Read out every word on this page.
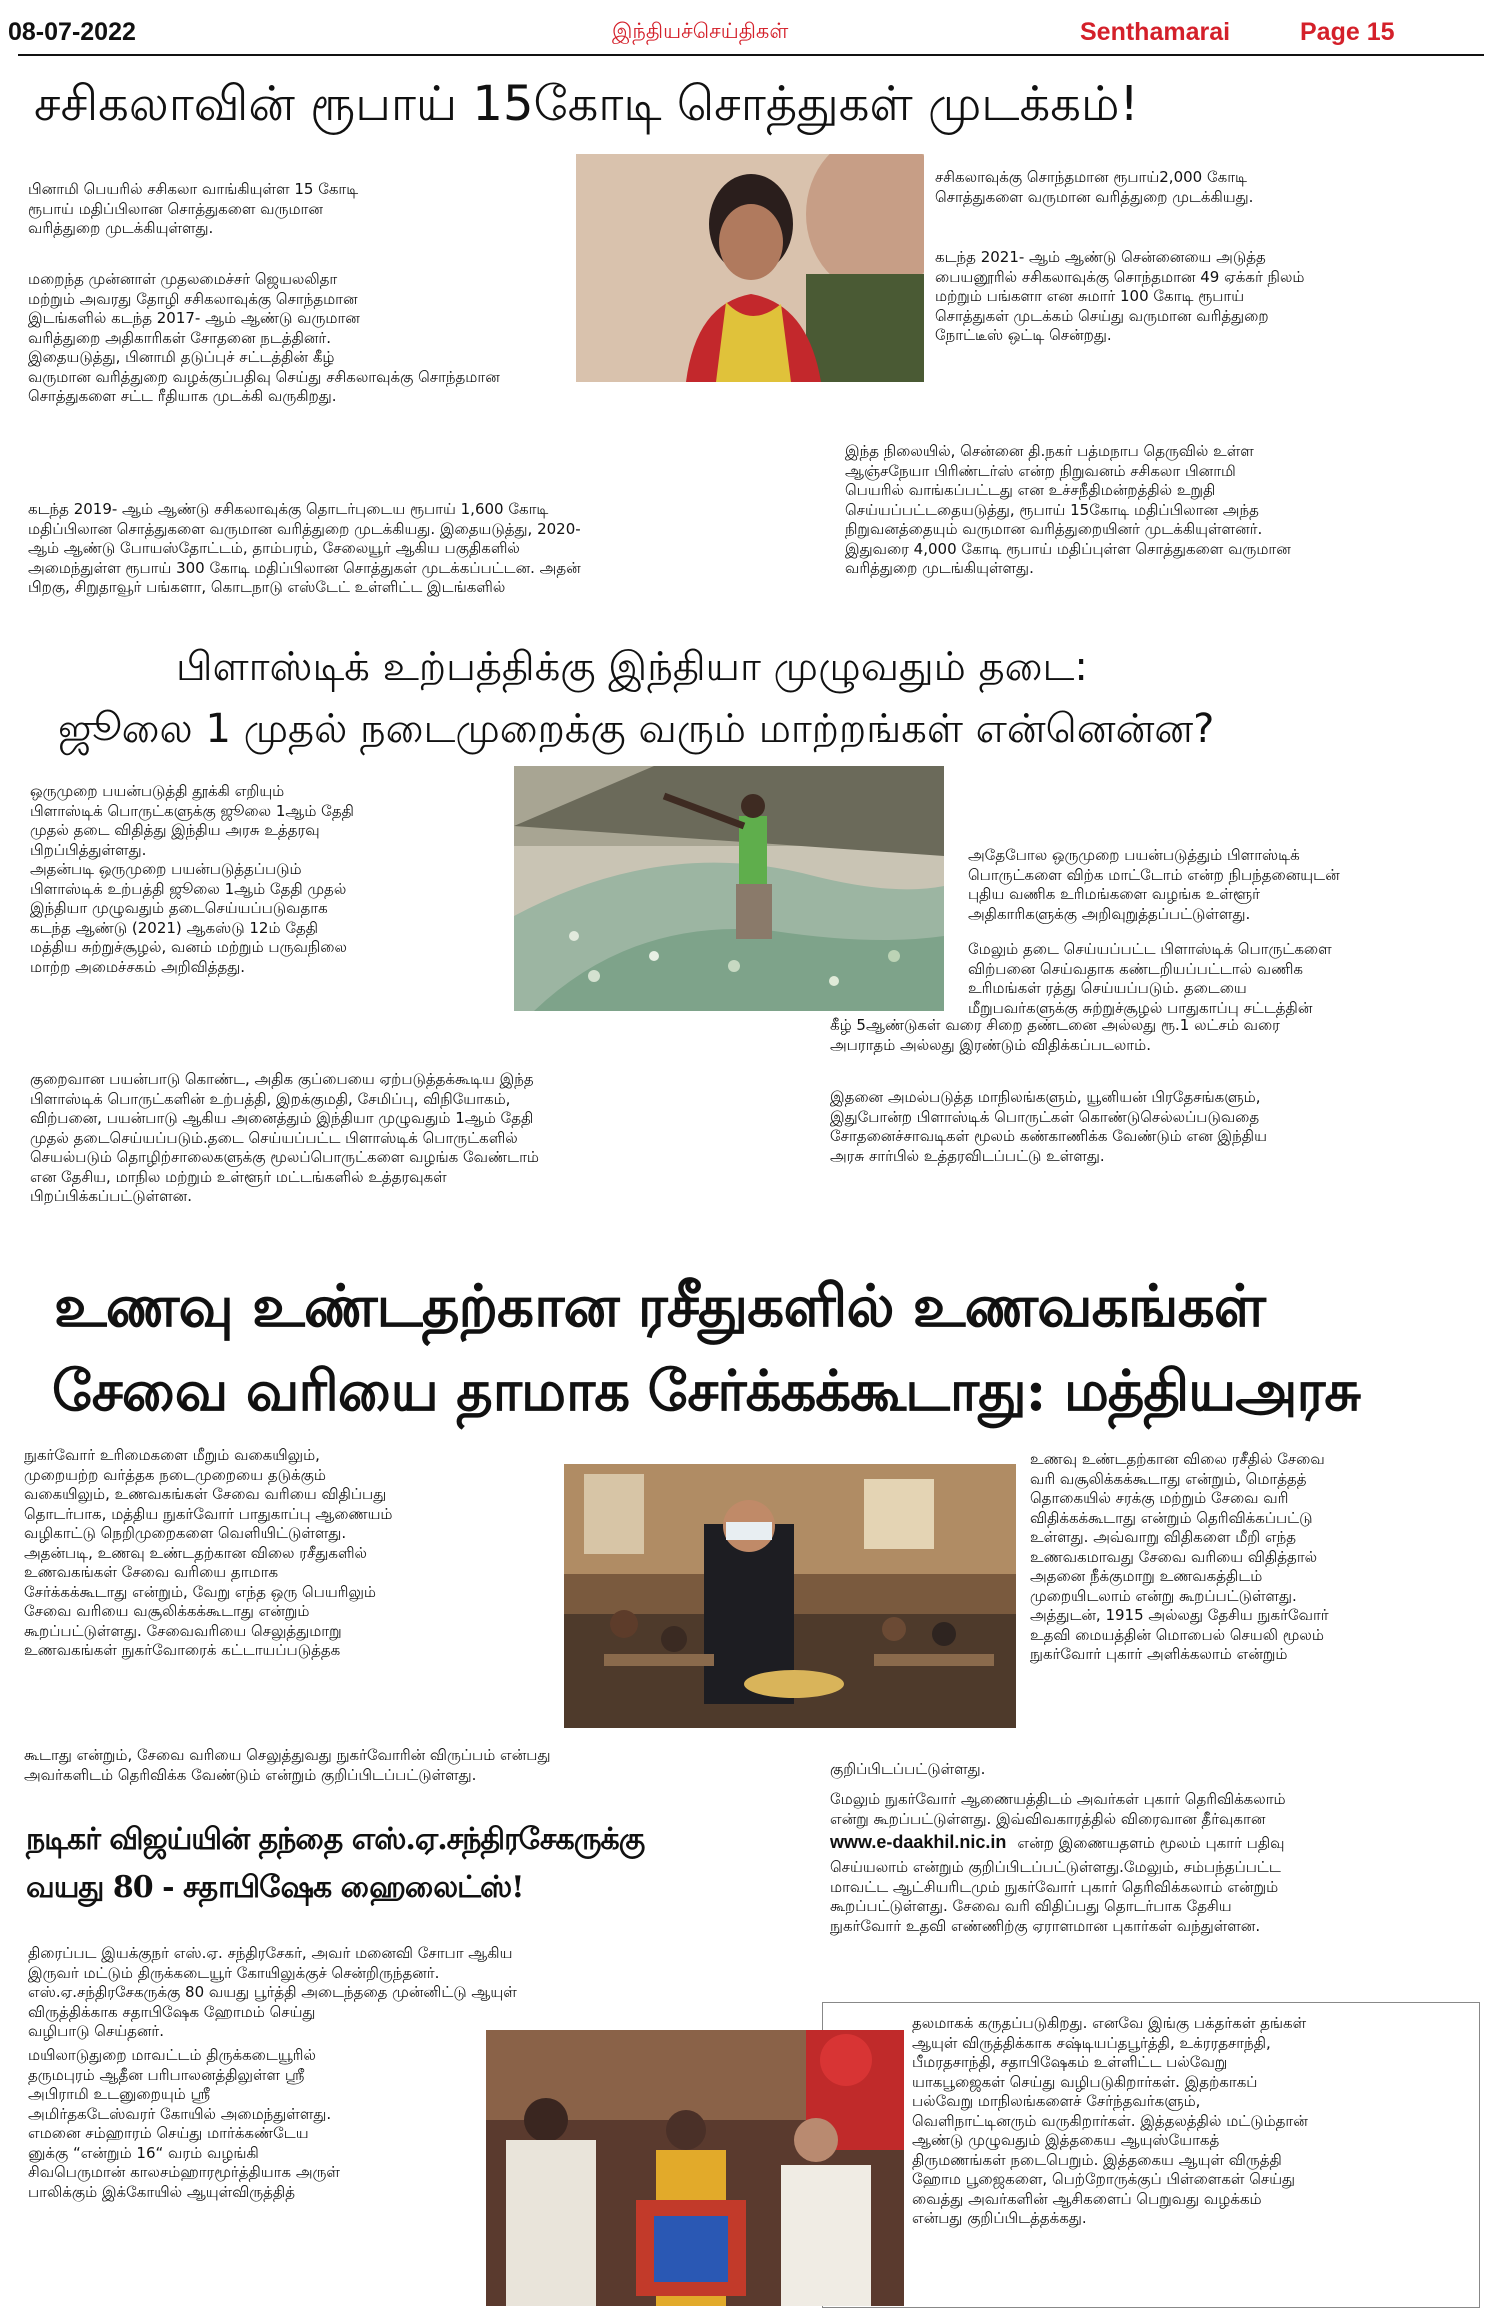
08-07-2022	இந்தியச்செய்திகள்	Senthamarai	Page 15
சசிகலாவின் ரூபாய் 15கோடி சொத்துகள் முடக்கம்!
பினாமி பெயரில் சசிகலா வாங்கியுள்ள 15 கோடி
ரூபாய் மதிப்பிலான சொத்துகளை வருமான
வரித்துறை முடக்கியுள்ளது.
மறைந்த முன்னாள் முதலமைச்சர் ஜெயலலிதா
மற்றும் அவரது தோழி சசிகலாவுக்கு சொந்தமான
இடங்களில் கடந்த 2017- ஆம் ஆண்டு வருமான
வரித்துறை அதிகாரிகள் சோதனை நடத்தினர்.
இதையடுத்து, பினாமி தடுப்புச் சட்டத்தின் கீழ்
வருமான வரித்துறை வழக்குப்பதிவு செய்து சசிகலாவுக்கு சொந்தமான
சொத்துகளை சட்ட ரீதியாக முடக்கி வருகிறது.
கடந்த 2019- ஆம் ஆண்டு சசிகலாவுக்கு தொடர்புடைய ரூபாய் 1,600 கோடி
மதிப்பிலான சொத்துகளை வருமான வரித்துறை முடக்கியது. இதையடுத்து, 2020-
ஆம் ஆண்டு போயஸ்தோட்டம், தாம்பரம், சேலையூர் ஆகிய பகுதிகளில்
அமைந்துள்ள ரூபாய் 300 கோடி மதிப்பிலான சொத்துகள் முடக்கப்பட்டன. அதன்
பிறகு, சிறுதாவூர் பங்களா, கொடநாடு எஸ்டேட் உள்ளிட்ட இடங்களில்
சசிகலாவுக்கு சொந்தமான ரூபாய்2,000 கோடி
சொத்துகளை வருமான வரித்துறை முடக்கியது.
கடந்த 2021- ஆம் ஆண்டு சென்னையை அடுத்த
பையனூரில் சசிகலாவுக்கு சொந்தமான 49 ஏக்கர் நிலம்
மற்றும் பங்களா என சுமார் 100 கோடி ரூபாய்
சொத்துகள் முடக்கம் செய்து வருமான வரித்துறை
நோட்டீஸ் ஒட்டி சென்றது.
இந்த நிலையில், சென்னை தி.நகர் பத்மநாப தெருவில் உள்ள
ஆஞ்சநேயா பிரிண்டர்ஸ் என்ற நிறுவனம் சசிகலா பினாமி
பெயரில் வாங்கப்பட்டது என உச்சநீதிமன்றத்தில் உறுதி
செய்யப்பட்டதையடுத்து, ரூபாய் 15கோடி மதிப்பிலான அந்த
நிறுவனத்தையும் வருமான வரித்துறையினர் முடக்கியுள்ளனர்.
இதுவரை 4,000 கோடி ரூபாய் மதிப்புள்ள சொத்துகளை வருமான
வரித்துறை முடங்கியுள்ளது.
பிளாஸ்டிக் உற்பத்திக்கு இந்தியா முழுவதும் தடை:
ஜூலை 1 முதல் நடைமுறைக்கு வரும் மாற்றங்கள் என்னென்ன?
ஒருமுறை பயன்படுத்தி தூக்கி எறியும்
பிளாஸ்டிக் பொருட்களுக்கு ஜூலை 1ஆம் தேதி
முதல் தடை விதித்து இந்திய அரசு உத்தரவு
பிறப்பித்துள்ளது.
அதன்படி ஒருமுறை பயன்படுத்தப்படும்
பிளாஸ்டிக் உற்பத்தி ஜூலை 1ஆம் தேதி முதல்
இந்தியா முழுவதும் தடைசெய்யப்படுவதாக
கடந்த ஆண்டு (2021) ஆகஸ்டு 12ம் தேதி
மத்திய சுற்றுச்சூழல், வனம் மற்றும் பருவநிலை
மாற்ற அமைச்சகம் அறிவித்தது.
அதேபோல ஒருமுறை பயன்படுத்தும் பிளாஸ்டிக்
பொருட்களை விற்க மாட்டோம் என்ற நிபந்தனையுடன்
புதிய வணிக உரிமங்களை வழங்க உள்ளூர்
அதிகாரிகளுக்கு அறிவுறுத்தப்பட்டுள்ளது.
மேலும் தடை செய்யப்பட்ட பிளாஸ்டிக் பொருட்களை
விற்பனை செய்வதாக கண்டறியப்பட்டால் வணிக
உரிமங்கள் ரத்து செய்யப்படும். தடையை
மீறுபவர்களுக்கு சுற்றுச்சூழல் பாதுகாப்பு சட்டத்தின்
கீழ் 5ஆண்டுகள் வரை சிறை தண்டனை அல்லது ரூ.1 லட்சம் வரை
அபராதம் அல்லது இரண்டும் விதிக்கப்படலாம்.
இதனை அமல்படுத்த மாநிலங்களும், யூனியன் பிரதேசங்களும்,
இதுபோன்ற பிளாஸ்டிக் பொருட்கள் கொண்டுசெல்லப்படுவதை
சோதனைச்சாவடிகள் மூலம் கண்காணிக்க வேண்டும் என இந்திய
அரசு சார்பில் உத்தரவிடப்பட்டு உள்ளது.
குறைவான பயன்பாடு கொண்ட, அதிக குப்பையை ஏற்படுத்தக்கூடிய இந்த
பிளாஸ்டிக் பொருட்களின் உற்பத்தி, இறக்குமதி, சேமிப்பு, விநியோகம்,
விற்பனை, பயன்பாடு ஆகிய அனைத்தும் இந்தியா முழுவதும் 1ஆம் தேதி
முதல் தடைசெய்யப்படும்.தடை செய்யப்பட்ட பிளாஸ்டிக் பொருட்களில்
செயல்படும் தொழிற்சாலைகளுக்கு மூலப்பொருட்களை வழங்க வேண்டாம்
என தேசிய, மாநில மற்றும் உள்ளூர் மட்டங்களில் உத்தரவுகள்
பிறப்பிக்கப்பட்டுள்ளன.
உணவு உண்டதற்கான ரசீதுகளில் உணவகங்கள்
சேவை வரியை தாமாக சேர்க்கக்கூடாது: மத்தியஅரசு
நுகர்வோர் உரிமைகளை மீறும் வகையிலும்,
முறையற்ற வர்த்தக நடைமுறையை தடுக்கும்
வகையிலும், உணவகங்கள் சேவை வரியை விதிப்பது
தொடர்பாக, மத்திய நுகர்வோர் பாதுகாப்பு ஆணையம்
வழிகாட்டு நெறிமுறைகளை வெளியிட்டுள்ளது.
அதன்படி, உணவு உண்டதற்கான விலை ரசீதுகளில்
உணவகங்கள் சேவை வரியை தாமாக
சேர்க்கக்கூடாது என்றும், வேறு எந்த ஒரு பெயரிலும்
சேவை வரியை வசூலிக்கக்கூடாது என்றும்
கூறப்பட்டுள்ளது. சேவைவரியை செலுத்துமாறு
உணவகங்கள் நுகர்வோரைக் கட்டாயப்படுத்தக
கூடாது என்றும், சேவை வரியை செலுத்துவது நுகர்வோரின் விருப்பம் என்பது
அவர்களிடம் தெரிவிக்க வேண்டும் என்றும் குறிப்பிடப்பட்டுள்ளது.
உணவு உண்டதற்கான விலை ரசீதில் சேவை
வரி வசூலிக்கக்கூடாது என்றும், மொத்தத்
தொகையில் சரக்கு மற்றும் சேவை வரி
விதிக்கக்கூடாது என்றும் தெரிவிக்கப்பட்டு
உள்ளது. அவ்வாறு விதிகளை மீறி எந்த
உணவகமாவது சேவை வரியை விதித்தால்
அதனை நீக்குமாறு உணவகத்திடம்
முறையிடலாம் என்று கூறப்பட்டுள்ளது.
அத்துடன், 1915 அல்லது தேசிய நுகர்வோர்
உதவி மையத்தின் மொபைல் செயலி மூலம்
நுகர்வோர் புகார் அளிக்கலாம் என்றும்
குறிப்பிடப்பட்டுள்ளது.
மேலும் நுகர்வோர் ஆணையத்திடம் அவர்கள் புகார் தெரிவிக்கலாம்
என்று கூறப்பட்டுள்ளது. இவ்விவகாரத்தில் விரைவான தீர்வுகான
www.e-daakhil.nic.in என்ற இணையதளம் மூலம் புகார் பதிவு
செய்யலாம் என்றும் குறிப்பிடப்பட்டுள்ளது.மேலும், சம்பந்தப்பட்ட
மாவட்ட ஆட்சியரிடமும் நுகர்வோர் புகார் தெரிவிக்கலாம் என்றும்
கூறப்பட்டுள்ளது. சேவை வரி விதிப்பது தொடர்பாக தேசிய
நுகர்வோர் உதவி எண்ணிற்கு ஏராளமான புகார்கள் வந்துள்ளன.
நடிகர் விஜய்யின் தந்தை எஸ்.ஏ.சந்திரசேகருக்கு
வயது 80 - சதாபிஷேக ஹைலைட்ஸ்!
திரைப்பட இயக்குநர் எஸ்.ஏ. சந்திரசேகர், அவர் மனைவி சோபா ஆகிய
இருவர் மட்டும் திருக்கடையூர் கோயிலுக்குச் சென்றிருந்தனர்.
எஸ்.ஏ.சந்திரசேகருக்கு 80 வயது பூர்த்தி அடைந்ததை முன்னிட்டு ஆயுள்
விருத்திக்காக சதாபிஷேக ஹோமம் செய்து
வழிபாடு செய்தனர்.
மயிலாடுதுறை மாவட்டம் திருக்கடையூரில்
தருமபுரம் ஆதீன பரிபாலனத்திலுள்ள ஸ்ரீ
அபிராமி உடனுறையும் ஸ்ரீ
அமிர்தகடேஸ்வரர் கோயில் அமைந்துள்ளது.
எமனை சம்ஹாரம் செய்து மார்க்கண்டேய
னுக்கு “என்றும் 16“ வரம் வழங்கி
சிவபெருமான் காலசம்ஹாரமூர்த்தியாக அருள்
பாலிக்கும் இக்கோயில் ஆயுள்விருத்தித்
தலமாகக் கருதப்படுகிறது. எனவே இங்கு பக்தர்கள் தங்கள்
ஆயுள் விருத்திக்காக சஷ்டியப்தபூர்த்தி, உக்ரரதசாந்தி,
பீமரதசாந்தி, சதாபிஷேகம் உள்ளிட்ட பல்வேறு
யாகபூஜைகள் செய்து வழிபடுகிறார்கள். இதற்காகப்
பல்வேறு மாநிலங்களைச் சேர்ந்தவர்களும்,
வெளிநாட்டினரும் வருகிறார்கள். இத்தலத்தில் மட்டும்தான்
ஆண்டு முழுவதும் இத்தகைய ஆயுஸ்யோகத்
திருமணங்கள் நடைபெறும். இத்தகைய ஆயுள் விருத்தி
ஹோம பூஜைகளை, பெற்றோருக்குப் பிள்ளைகள் செய்து
வைத்து அவர்களின் ஆசிகளைப் பெறுவது வழக்கம்
என்பது குறிப்பிடத்தக்கது.
